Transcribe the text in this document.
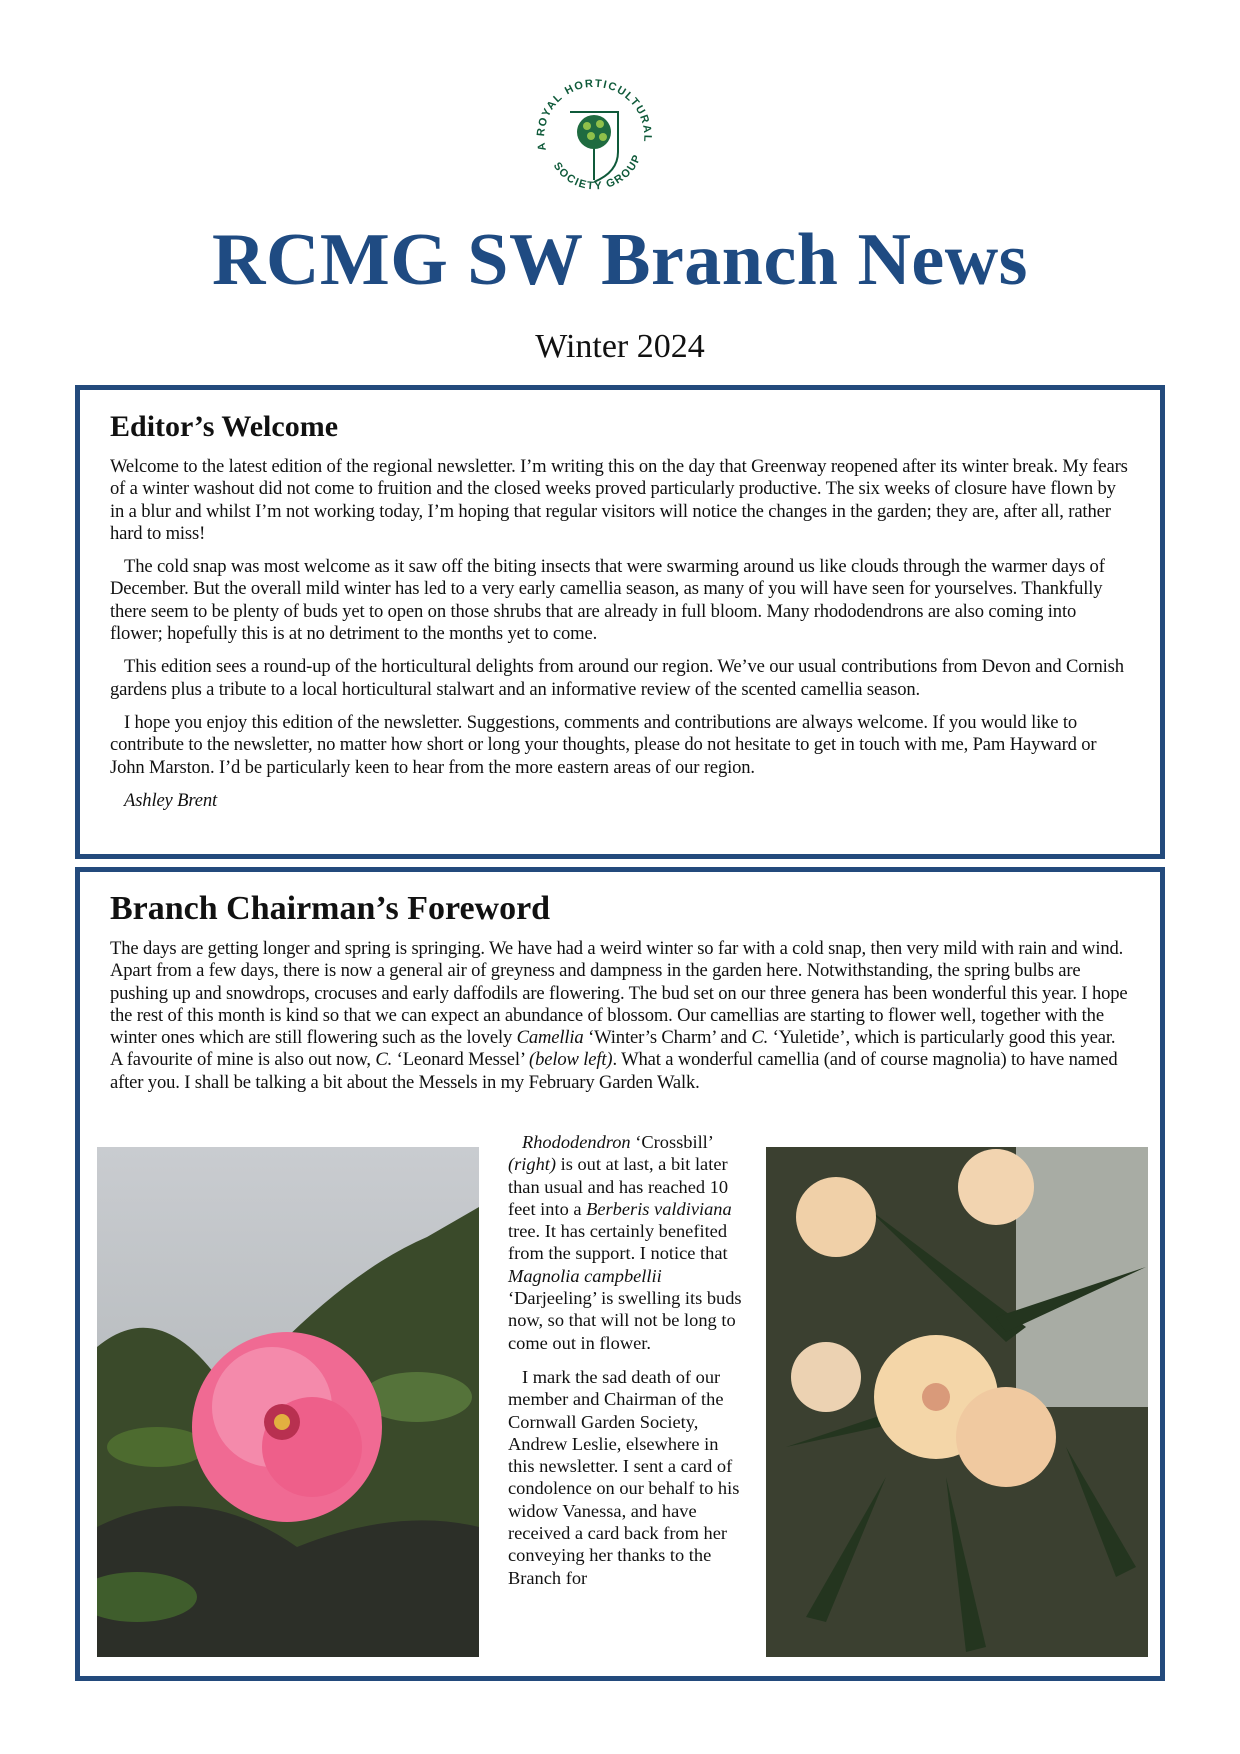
A ROYAL HORTICULTURAL
SOCIETY GROUP
RCMG SW Branch News
Winter 2024
Editor’s Welcome

Welcome to the latest edition of the regional newsletter. I’m writing this on the day that Greenway reopened after its winter break. My fears of a winter washout did not come to fruition and the closed weeks proved particularly productive. The six weeks of closure have flown by in a blur and whilst I’m not working today, I’m hoping that regular visitors will notice the changes in the garden; they are, after all, rather hard to miss!

The cold snap was most welcome as it saw off the biting insects that were swarming around us like clouds through the warmer days of December. But the overall mild winter has led to a very early camellia season, as many of you will have seen for yourselves. Thankfully there seem to be plenty of buds yet to open on those shrubs that are already in full bloom. Many rhododendrons are also coming into flower; hopefully this is at no detriment to the months yet to come.

This edition sees a round-up of the horticultural delights from around our region. We’ve our usual contributions from Devon and Cornish gardens plus a tribute to a local horticultural stalwart and an informative review of the scented camellia season.

I hope you enjoy this edition of the newsletter. Suggestions, comments and contributions are always welcome. If you would like to contribute to the newsletter, no matter how short or long your thoughts, please do not hesitate to get in touch with me, Pam Hayward or John Marston. I’d be particularly keen to hear from the more eastern areas of our region.

Ashley Brent

Branch Chairman’s Foreword

The days are getting longer and spring is springing. We have had a weird winter so far with a cold snap, then very mild with rain and wind. Apart from a few days, there is now a general air of greyness and dampness in the garden here. Notwithstanding, the spring bulbs are pushing up and snowdrops, crocuses and early daffodils are flowering. The bud set on our three genera has been wonderful this year. I hope the rest of this month is kind so that we can expect an abundance of blossom. Our camellias are starting to flower well, together with the winter ones which are still flowering such as the lovely Camellia ‘Winter’s Charm’ and C. ‘Yuletide’, which is particularly good this year. A favourite of mine is also out now, C. ‘Leonard Messel’ (below left). What a wonderful camellia (and of course magnolia) to have named after you. I shall be talking a bit about the Messels in my February Garden Walk.

Rhododendron ‘Crossbill’ (right) is out at last, a bit later than usual and has reached 10 feet into a Berberis valdiviana tree. It has certainly benefited from the support. I notice that Magnolia campbellii ‘Darjeeling’ is swelling its buds now, so that will not be long to come out in flower.

I mark the sad death of our member and Chairman of the Cornwall Garden Society, Andrew Leslie, elsewhere in this newsletter. I sent a card of condolence on our behalf to his widow Vanessa, and have received a card back from her conveying her thanks to the Branch for
